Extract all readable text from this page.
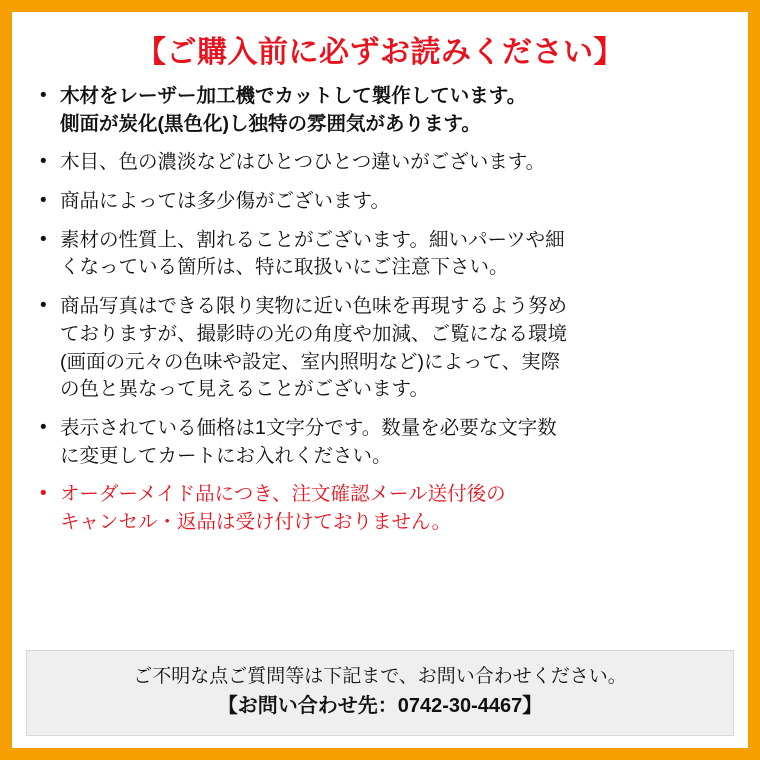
【ご購入前に必ずお読みください】
• 木材をレーザー加工機でカットして製作しています。
側面が炭化(黒色化)し独特の雰囲気があります。
• 木目、色の濃淡などはひとつひとつ違いがございます。
• 商品によっては多少傷がございます。
• 素材の性質上、割れることがございます。細いパーツや細
くなっている箇所は、特に取扱いにご注意下さい。
• 商品写真はできる限り実物に近い色味を再現するよう努め
ておりますが、撮影時の光の角度や加減、ご覧になる環境
(画面の元々の色味や設定、室内照明など)によって、実際
の色と異なって見えることがございます。
• 表示されている価格は1文字分です。数量を必要な文字数
に変更してカートにお入れください。
• オーダーメイド品につき、注文確認メール送付後の
キャンセル・返品は受け付けておりません。
ご不明な点ご質問等は下記まで、お問い合わせください。
【お問い合わせ先：0742-30-4467】
